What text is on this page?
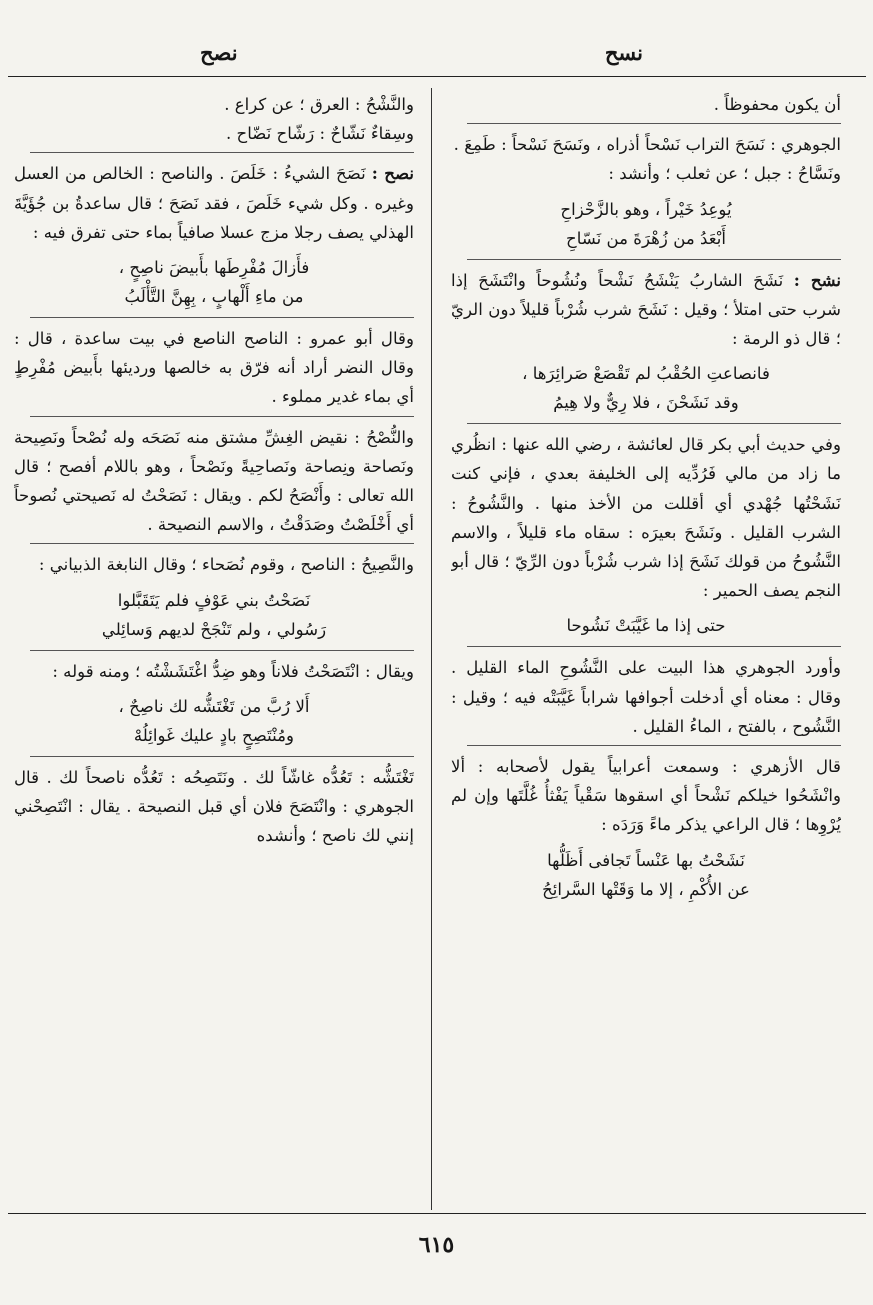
نسح
نصح

أن يكون محفوظاً .

الجوهري : نَسَحَ التراب نَسْحاً أذراه ، ونَسَحَ نَسْحاً : طَمِعَ .

ونَسَّاحُ : جبل ؛ عن ثعلب ؛ وأنشد :

يُوعِدُ خَيْراً ، وهو بالزَّحْزاحِ
أَبْعَدُ من زُهْرَةَ من نَسّاحِ

نشح : نَشَحَ الشاربُ يَنْشَحُ نَشْحاً ونُشُوحاً وانْتَشَحَ إذا شرب حتى امتلأ ؛ وقيل : نَشَحَ شرب شُرْباً قليلاً دون الريّ ؛ قال ذو الرمة :

فانصاعتِ الحُقْبُ لم تَقْصَعْ صَرائِرَها ،
وقد نَشَحْنَ ، فلا رِيٌّ ولا هِيمُ

وفي حديث أبي بكر قال لعائشة ، رضي الله عنها : انظُري ما زاد من مالي فَرُدِّيه إلى الخليفة بعدي ، فإني كنت نَشَحْتُها جُهْدي أي أقللت من الأخذ منها . والنَّشُوحُ : الشرب القليل . ونَشَحَ بعيرَه : سقاه ماء قليلاً ، والاسم النَّشُوحُ من قولك نَشَحَ إذا شرب شُرْباً دون الرِّيّ ؛ قال أبو النجم يصف الحمير :

حتى إذا ما غَيَّبَتْ نَشُوحا

وأورد الجوهري هذا البيت على النَّشُوحِ الماء القليل . وقال : معناه أي أدخلت أجوافها شراباً غَيَّبَتْه فيه ؛ وقيل : النَّشُوح ، بالفتح ، الماءُ القليل .

قال الأزهري : وسمعت أعرابياً يقول لأصحابه : ألا وانْشَحُوا خيلكم نَشْحاً أي اسقوها سَقْياً يَفْثأُ غُلَّتَها وإن لم يُرْوِها ؛ قال الراعي يذكر ماءً وَرَدَه :

نَشَحْتُ بها عَنْساً تَجافى أَظَلُّها
عن الأُكْمِ ، إلا ما وَقَتْها السَّرائِحُ

والنَّشْحُ : العرق ؛ عن كراع .

وسِقاءٌ نَشّاحٌ : رَشّاح نَضّاح .

نصح : نَصَحَ الشيءُ : خَلَصَ . والناصح : الخالص من العسل وغيره . وكل شيء خَلَصَ ، فقد نَصَحَ ؛ قال ساعدةُ بن جُؤَيَّةَ الهذلي يصف رجلا مزج عسلا صافياً بماء حتى تفرق فيه :

فأَزالَ مُفْرِطَها بأَبيضَ ناصِحٍ ،
من ماءِ أَلْهابٍ ، بِهِنَّ التَّأْلَبُ

وقال أبو عمرو : الناصح الناصع في بيت ساعدة ، قال : وقال النضر أراد أنه فرّق به خالصها ورديئها بأَبيض مُفْرِطٍ أي بماء غدير مملوء .

والنُّصْحُ : نقيض الغِشِّ مشتق منه نَصَحَه وله نُصْحاً ونَصِيحة ونَصاحة ونِصاحة ونَصاحِيةً ونَصْحاً ، وهو باللام أفصح ؛ قال الله تعالى : وأَنْصَحُ لكم . ويقال : نَصَحْتُ له نَصيحتي نُصوحاً أي أَخْلَصْتُ وصَدَقْتُ ، والاسم النصيحة .

والنَّصِيحُ : الناصح ، وقوم نُصَحاء ؛ وقال النابغة الذبياني :

نَصَحْتُ بني عَوْفٍ فلم يَتَقَبَّلوا
رَسُولي ، ولم تَنْجَحْ لديهم وَسائِلي

ويقال : انْتَصَحْتُ فلاناً وهو ضِدُّ اغْتَشَشْتُه ؛ ومنه قوله :

أَلا رُبَّ من تَغْتَشُّه لك ناصِحٌ ،
ومُنْتَصِحٍ بادٍ عليك غَوائِلُهْ

تَغْتَشُّه : تَعُدُّه غاشّاً لك . ونَتَصِحُه : تَعُدُّه ناصحاً لك . قال الجوهري : وانْتَصَحَ فلان أي قبل النصيحة . يقال : انْتَصِحْني إنني لك ناصح ؛ وأنشده

٦١٥
